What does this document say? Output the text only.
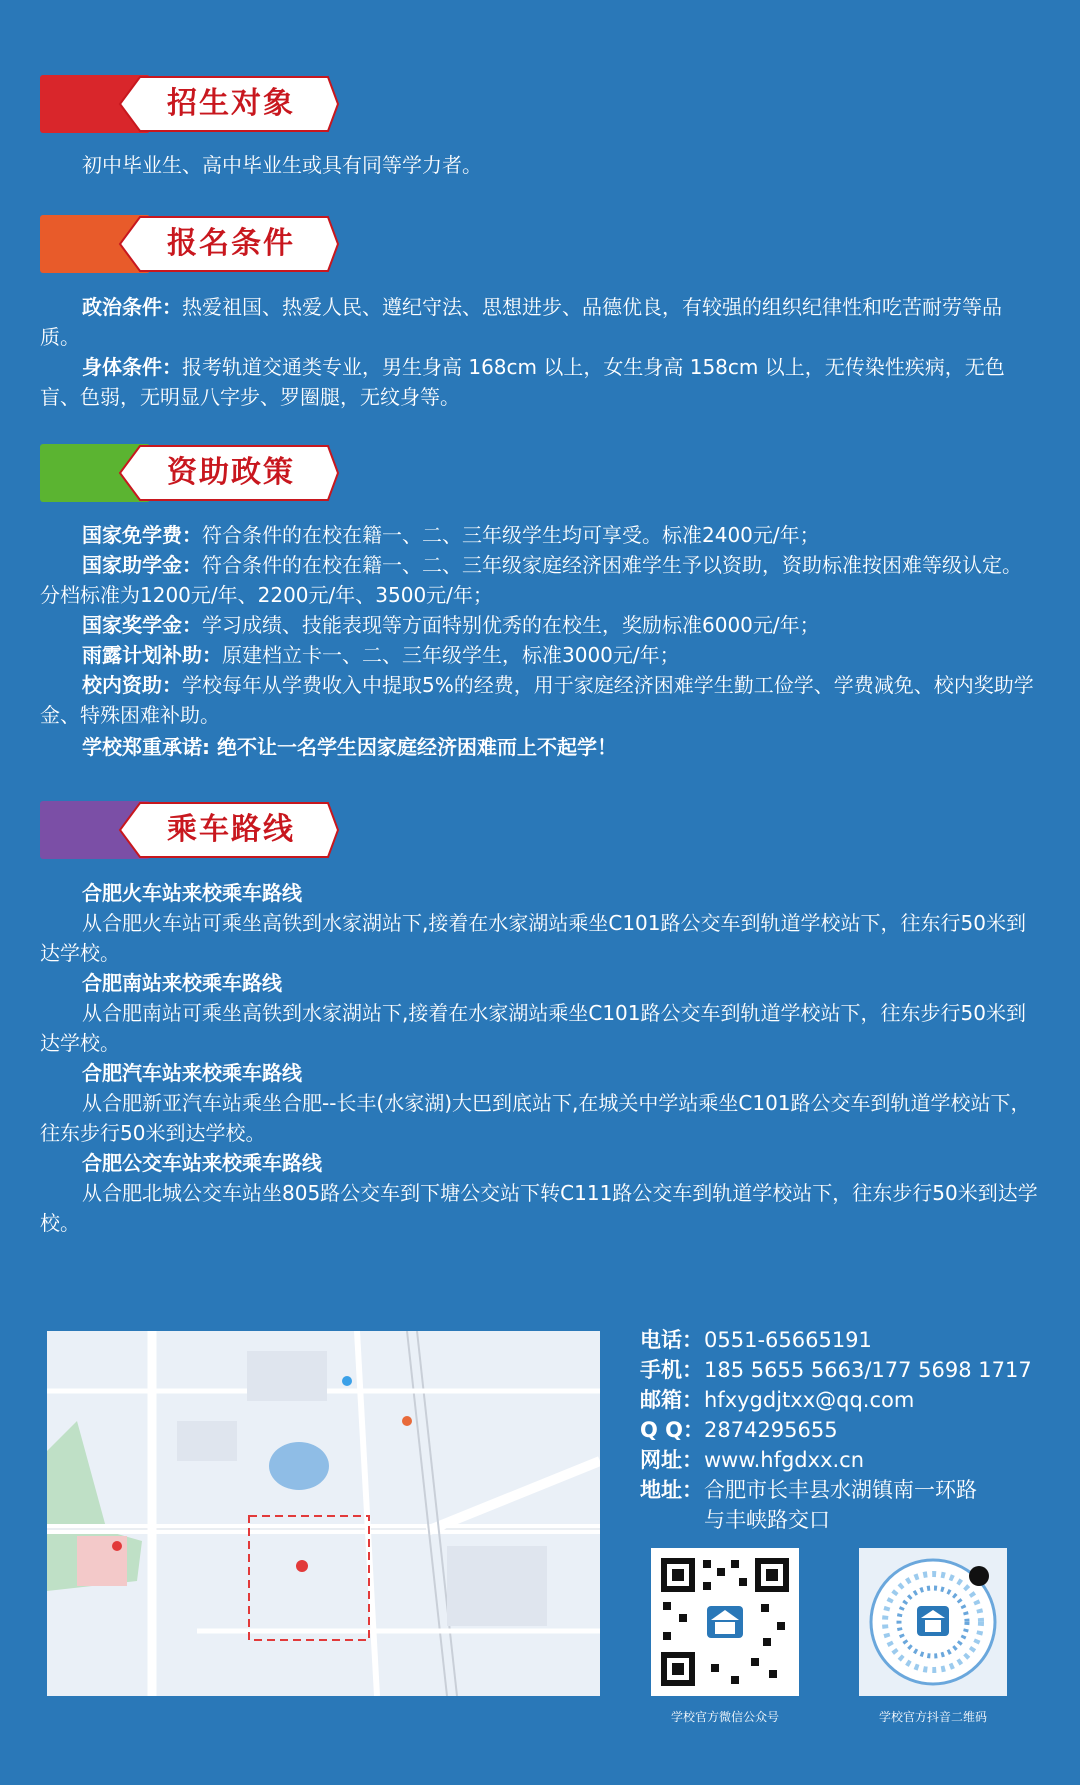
招生对象
初中毕业生、高中毕业生或具有同等学力者。
报名条件
政治条件：热爱祖国、热爱人民、遵纪守法、思想进步、品德优良，有较强的组织纪律性和吃苦耐劳等品质。
身体条件：报考轨道交通类专业，男生身高 168cm 以上，女生身高 158cm 以上，无传染性疾病，无色盲、色弱，无明显八字步、罗圈腿，无纹身等。
资助政策
国家免学费：符合条件的在校在籍一、二、三年级学生均可享受。标准2400元/年；
国家助学金：符合条件的在校在籍一、二、三年级家庭经济困难学生予以资助，资助标准按困难等级认定。分档标准为1200元/年、2200元/年、3500元/年；
国家奖学金：学习成绩、技能表现等方面特别优秀的在校生，奖励标准6000元/年；
雨露计划补助：原建档立卡一、二、三年级学生，标准3000元/年；
校内资助：学校每年从学费收入中提取5%的经费，用于家庭经济困难学生勤工俭学、学费减免、校内奖助学金、特殊困难补助。
学校郑重承诺: 绝不让一名学生因家庭经济困难而上不起学！
乘车路线
合肥火车站来校乘车路线
从合肥火车站可乘坐高铁到水家湖站下,接着在水家湖站乘坐C101路公交车到轨道学校站下，往东行50米到达学校。
合肥南站来校乘车路线
从合肥南站可乘坐高铁到水家湖站下,接着在水家湖站乘坐C101路公交车到轨道学校站下，往东步行50米到达学校。
合肥汽车站来校乘车路线
从合肥新亚汽车站乘坐合肥--长丰(水家湖)大巴到底站下,在城关中学站乘坐C101路公交车到轨道学校站下，往东步行50米到达学校。
合肥公交车站来校乘车路线
从合肥北城公交车站坐805路公交车到下塘公交站下转C111路公交车到轨道学校站下，往东步行50米到达学校。
电话：0551-65665191
手机：185 5655 5663/177 5698 1717
邮箱：hfxygdjtxx@qq.com
Q Q：2874295655
网址：www.hfgdxx.cn
地址：合肥市长丰县水湖镇南一环路
与丰峡路交口
学校官方微信公众号	学校官方抖音二维码
